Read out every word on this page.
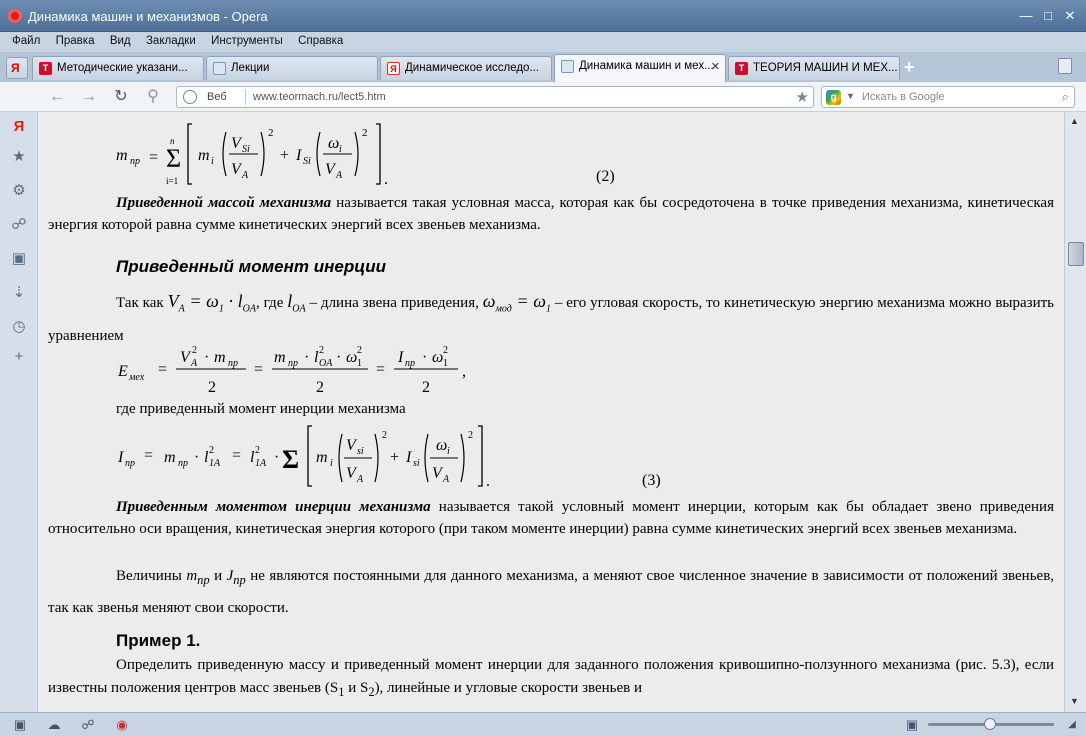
Динамика машин и механизмов - Opera	— □ ✕
Файл Правка Вид Закладки Инструменты Справка
Я	T Методические указани...	Лекции	Я Динамическое исследо...	Динамика машин и мех...
✕	T ТЕОРИЯ МАШИН И МЕХ... +
← → ↻ ⚲	Веб www.teormach.ru/lect5.htm	★	g	▼ Искать в Google	⌕
Я
★
⚙
☍
▣
⇣
◷
+
m пр = Σ
n
i=1
m i
V Si
V A
2
+ I Si
ω i
V A
2
.	(2)
Приведенной массой механизма называется такая условная масса, которая как бы сосредоточена в точке приведения механизма, кинетическая энергия которой равна сумме кинетических энергий всех звеньев механизма.
Приведенный момент инерции
Так как $V_A = \omega_1 \cdot l_{OA}$, где $l_{OA}$ – длина звена приведения, $\omega_{мод} = \omega_1$ – его угловая скорость, то кинетическую энергию механизма можно выразить уравнением
E мех =
V A
2 · m пр
2
=
m пр · l OA
2 · ω 1
2
2
=
I пр · ω 1
2
2
,
где приведенный момент инерции механизма
I пр = m пр · l 1A
2 = l 1A
2 · Σ m i
V si
V A
2
+ I si
ω i
V A
2
.	(3)
Приведенным моментом инерции механизма называется такой условный момент инерции, которым как бы обладает звено приведения относительно оси вращения, кинетическая энергия которого (при таком моменте инерции) равна сумме кинетических энергий всех звеньев механизма.
Величины $m_{пр}$ и $J_{пр}$ не являются постоянными для данного механизма, а меняют свое численное значение в зависимости от положений звеньев, так как звенья меняют свои скорости.
Пример 1.
Определить приведенную массу и приведенный момент инерции для заданного положения кривошипно-ползунного механизма (рис. 5.3), если известны положения центров масс звеньев ($S_1$ и $S_2$), линейные и угловые скорости звеньев и
▲
▼
▣ ☁ ☍ ◉	▣	◢
